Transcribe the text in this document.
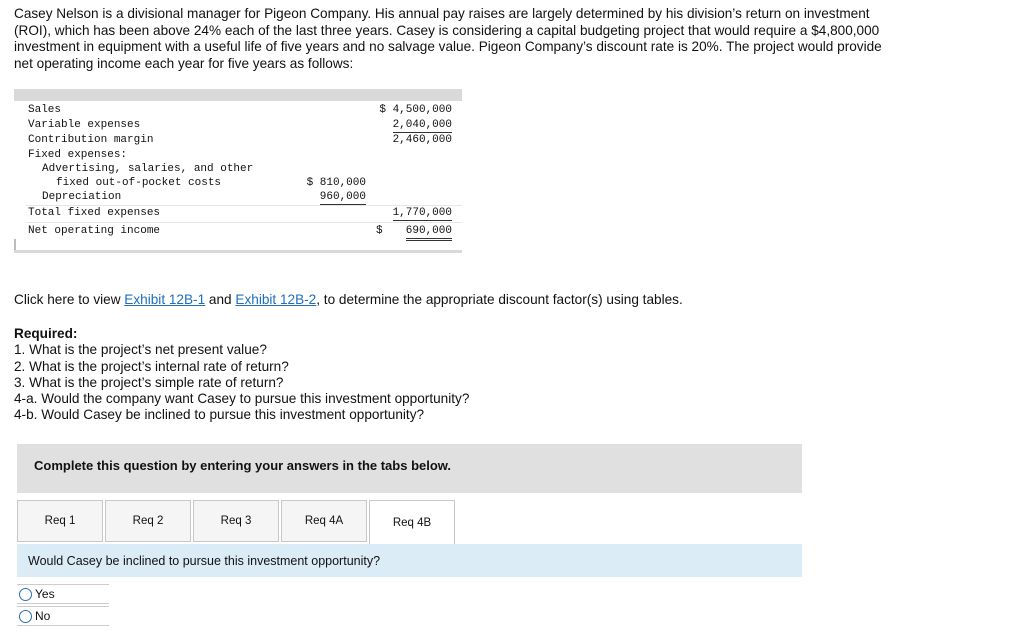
Casey Nelson is a divisional manager for Pigeon Company. His annual pay raises are largely determined by his division’s return on investment (ROI), which has been above 24% each of the last three years. Casey is considering a capital budgeting project that would require a $4,800,000 investment in equipment with a useful life of five years and no salvage value. Pigeon Company’s discount rate is 20%. The project would provide net operating income each year for five years as follows:

Sales	$ 4,500,000
Variable expenses	2,040,000
Contribution margin	2,460,000
Fixed expenses:
Advertising, salaries, and other
fixed out-of-pocket costs	$ 810,000
Depreciation	960,000
Total fixed expenses	1,770,000
Net operating income	$ 690,000
Click here to view Exhibit 12B-1 and Exhibit 12B-2, to determine the appropriate discount factor(s) using tables.
Required:
1. What is the project’s net present value?
2. What is the project’s internal rate of return?
3. What is the project’s simple rate of return?
4-a. Would the company want Casey to pursue this investment opportunity?
4-b. Would Casey be inclined to pursue this investment opportunity?
Complete this question by entering your answers in the tabs below.
Req 1	Req 2	Req 3	Req 4A	Req 4B
Would Casey be inclined to pursue this investment opportunity?
Yes
No
